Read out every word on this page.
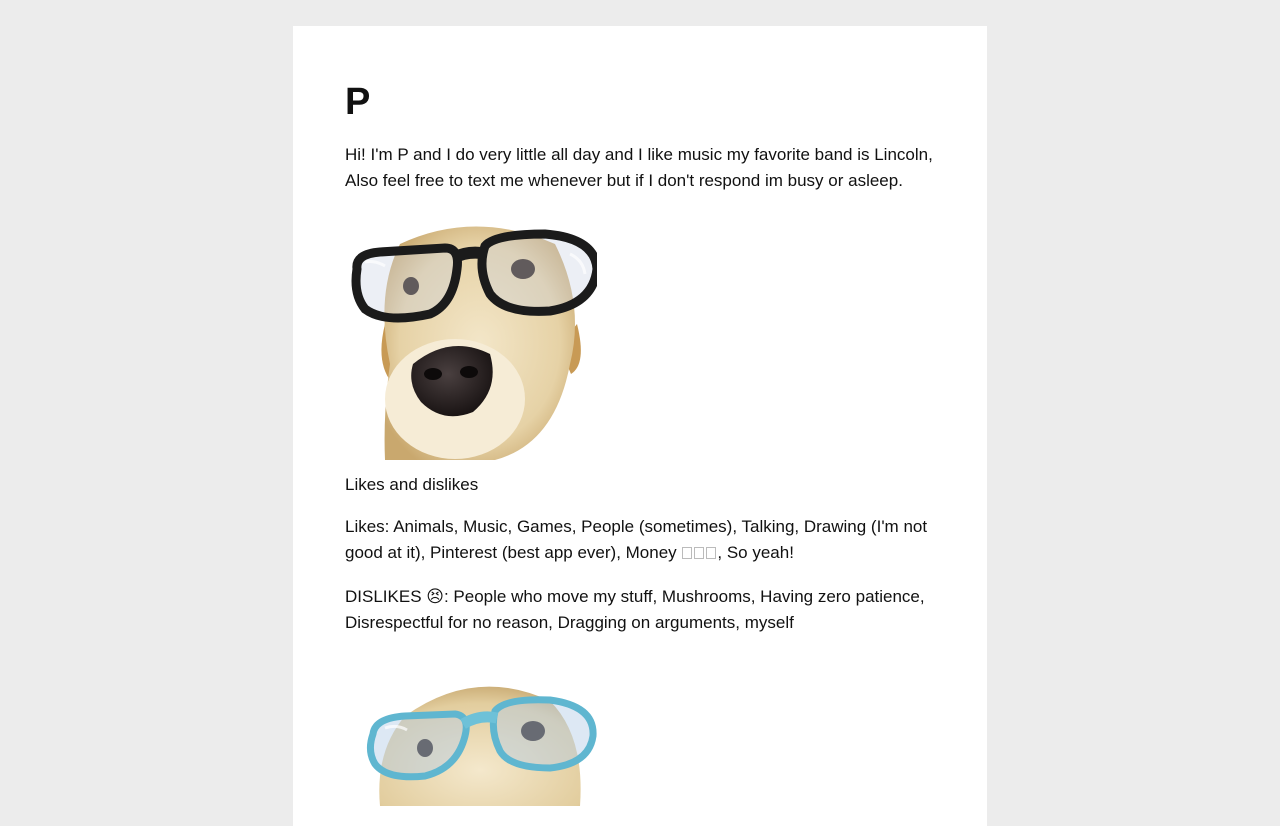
P

Hi! I'm P and I do very little all day and I like music my favorite band is Lincoln, Also feel free to text me whenever but if I don't respond im busy or asleep.

Likes and dislikes

Likes: Animals, Music, Games, People (sometimes), Talking, Drawing (I'm not good at it), Pinterest (best app ever), Money , So yeah!

DISLIKES 😣: People who move my stuff, Mushrooms, Having zero patience, Disrespectful for no reason, Dragging on arguments, myself
